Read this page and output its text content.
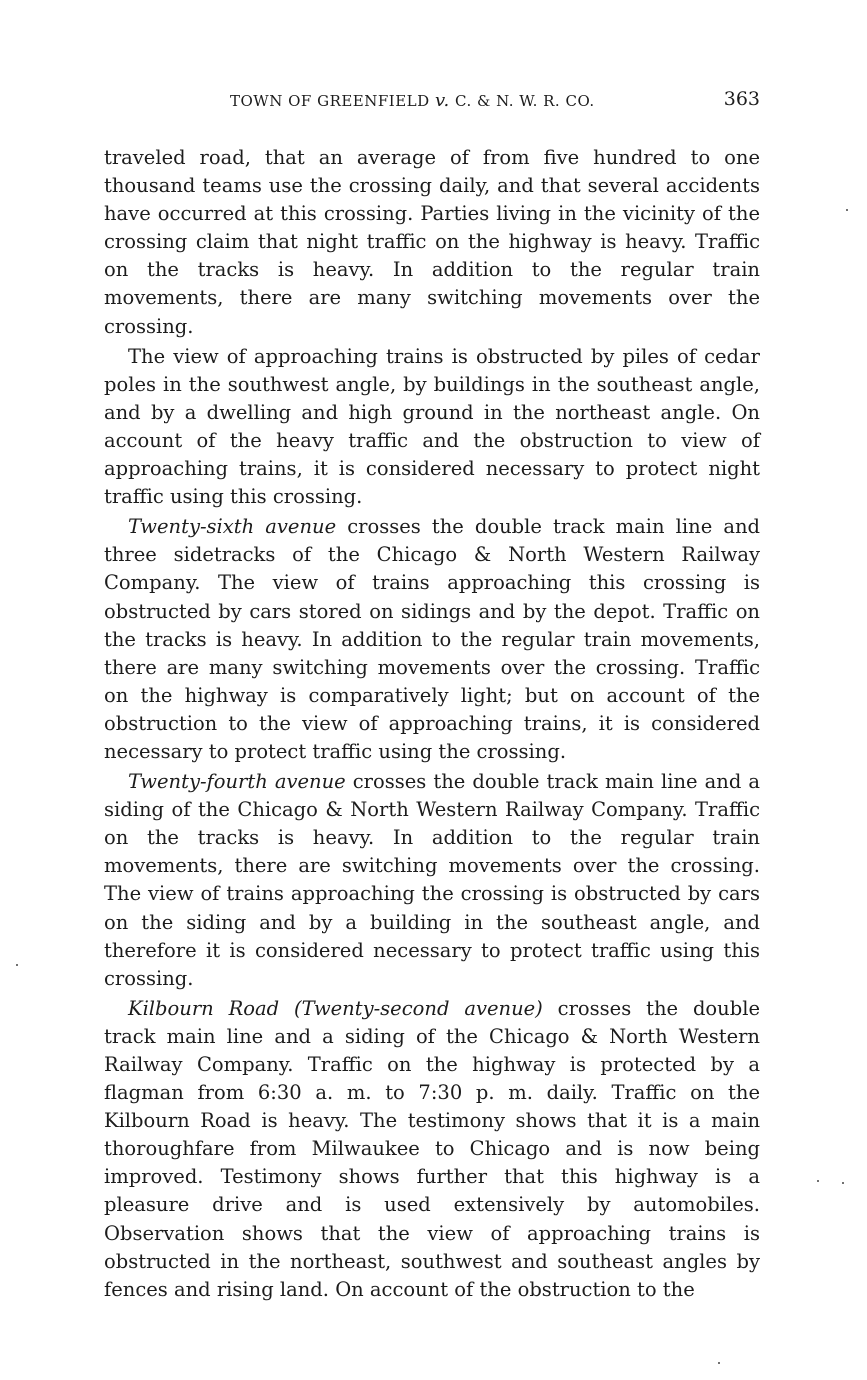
TOWN OF GREENFIELD v. C. & N. W. R. CO.	363

traveled road, that an average of from five hundred to one thousand teams use the crossing daily, and that several accidents have occurred at this crossing. Parties living in the vicinity of the crossing claim that night traffic on the highway is heavy. Traffic on the tracks is heavy. In addition to the regular train movements, there are many switching movements over the crossing.

The view of approaching trains is obstructed by piles of cedar poles in the southwest angle, by buildings in the southeast angle, and by a dwelling and high ground in the northeast angle. On account of the heavy traffic and the obstruction to view of approaching trains, it is considered necessary to protect night traffic using this crossing.

Twenty-sixth avenue crosses the double track main line and three sidetracks of the Chicago & North Western Railway Company. The view of trains approaching this crossing is obstructed by cars stored on sidings and by the depot. Traffic on the tracks is heavy. In addition to the regular train movements, there are many switching movements over the crossing. Traffic on the highway is comparatively light; but on account of the obstruction to the view of approaching trains, it is considered necessary to protect traffic using the crossing.

Twenty-fourth avenue crosses the double track main line and a siding of the Chicago & North Western Railway Company. Traffic on the tracks is heavy. In addition to the regular train movements, there are switching movements over the crossing. The view of trains approaching the crossing is obstructed by cars on the siding and by a building in the southeast angle, and therefore it is considered necessary to protect traffic using this crossing.

Kilbourn Road (Twenty-second avenue) crosses the double track main line and a siding of the Chicago & North Western Railway Company. Traffic on the highway is protected by a flagman from 6:30 a. m. to 7:30 p. m. daily. Traffic on the Kilbourn Road is heavy. The testimony shows that it is a main thoroughfare from Milwaukee to Chicago and is now being improved. Testimony shows further that this highway is a pleasure drive and is used extensively by automobiles. Observation shows that the view of approaching trains is obstructed in the northeast, southwest and southeast angles by fences and rising land. On account of the obstruction to the
